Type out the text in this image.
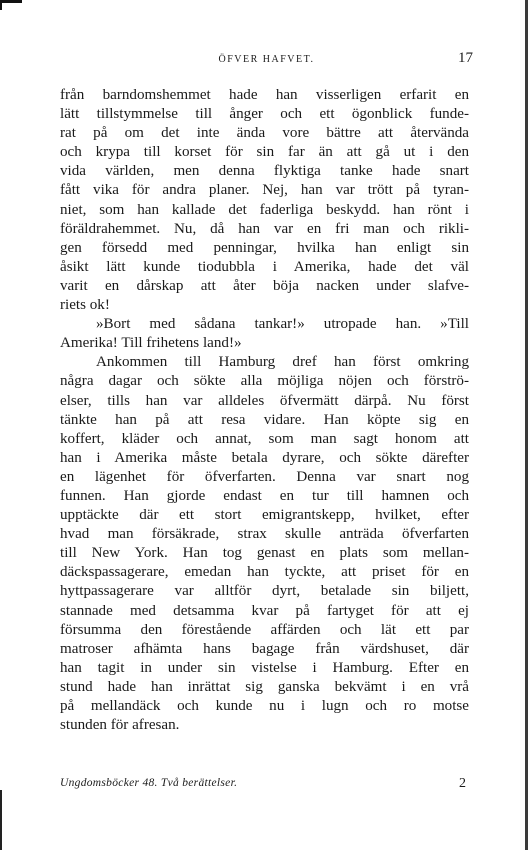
ÖFVER HAFVET.	17
från barndomshemmet hade han visserligen erfarit en
lätt tillstymmelse till ånger och ett ögonblick funde-
rat på om det inte ända vore bättre att återvända
och krypa till korset för sin far än att gå ut i den
vida världen, men denna flyktiga tanke hade snart
fått vika för andra planer. Nej, han var trött på tyran-
niet, som han kallade det faderliga beskydd. han rönt i
föräldrahemmet. Nu, då han var en fri man och rikli-
gen försedd med penningar, hvilka han enligt sin
åsikt lätt kunde tiodubbla i Amerika, hade det väl
varit en dårskap att åter böja nacken under slafve-
riets ok!
»Bort med sådana tankar!» utropade han. »Till
Amerika! Till frihetens land!»
Ankommen till Hamburg dref han först omkring
några dagar och sökte alla möjliga nöjen och förströ-
elser, tills han var alldeles öfvermätt därpå. Nu först
tänkte han på att resa vidare. Han köpte sig en
koffert, kläder och annat, som man sagt honom att
han i Amerika måste betala dyrare, och sökte därefter
en lägenhet för öfverfarten. Denna var snart nog
funnen. Han gjorde endast en tur till hamnen och
upptäckte där ett stort emigrantskepp, hvilket, efter
hvad man försäkrade, strax skulle anträda öfverfarten
till New York. Han tog genast en plats som mellan-
däckspassagerare, emedan han tyckte, att priset för en
hyttpassagerare var alltför dyrt, betalade sin biljett,
stannade med detsamma kvar på fartyget för att ej
försumma den förestående affärden och lät ett par
matroser afhämta hans bagage från värdshuset, där
han tagit in under sin vistelse i Hamburg. Efter en
stund hade han inrättat sig ganska bekvämt i en vrå
på mellandäck och kunde nu i lugn och ro motse
stunden för afresan.
Ungdomsböcker 48. Två berättelser.	2
